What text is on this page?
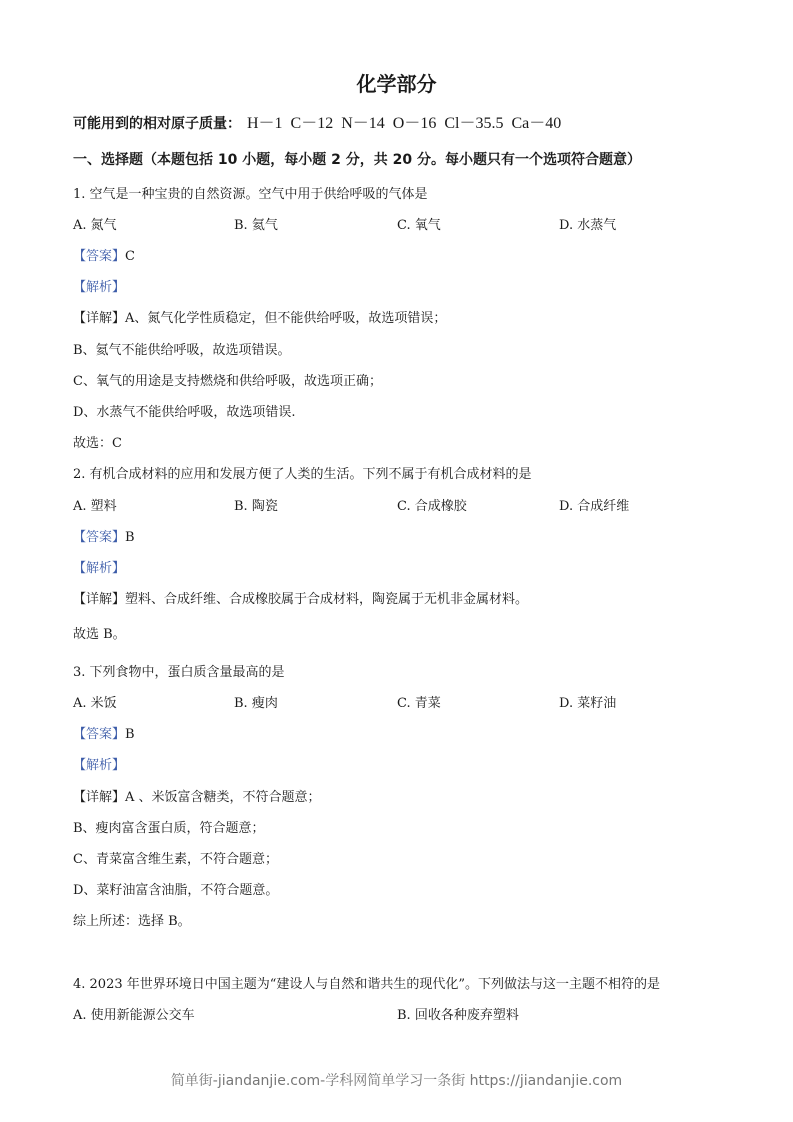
化学部分
可能用到的相对原子质量： H－1 C－12 N－14 O－16 Cl－35.5 Ca－40
一、选择题（本题包括 10 小题，每小题 2 分，共 20 分。每小题只有一个选项符合题意）
1. 空气是一种宝贵的自然资源。空气中用于供给呼吸的气体是
A. 氮气	B. 氦气	C. 氧气	D. 水蒸气
【答案】C
【解析】
【详解】A、氮气化学性质稳定，但不能供给呼吸，故选项错误；
B、氦气不能供给呼吸，故选项错误。
C、氧气的用途是支持燃烧和供给呼吸，故选项正确；
D、水蒸气不能供给呼吸，故选项错误.
故选：C
2. 有机合成材料的应用和发展方便了人类的生活。下列不属于有机合成材料的是
A. 塑料	B. 陶瓷	C. 合成橡胶	D. 合成纤维
【答案】B
【解析】
【详解】塑料、合成纤维、合成橡胶属于合成材料，陶瓷属于无机非金属材料。
故选 B。
3. 下列食物中，蛋白质含量最高的是
A. 米饭	B. 瘦肉	C. 青菜	D. 菜籽油
【答案】B
【解析】
【详解】A 、米饭富含糖类，不符合题意；
B、瘦肉富含蛋白质，符合题意；
C、青菜富含维生素，不符合题意；
D、菜籽油富含油脂，不符合题意。
综上所述：选择 B。
4. 2023 年世界环境日中国主题为“建设人与自然和谐共生的现代化”。下列做法与这一主题不相符的是
A. 使用新能源公交车	B. 回收各种废弃塑料
简单街-jiandanjie.com-学科网简单学习一条街 https://jiandanjie.com
